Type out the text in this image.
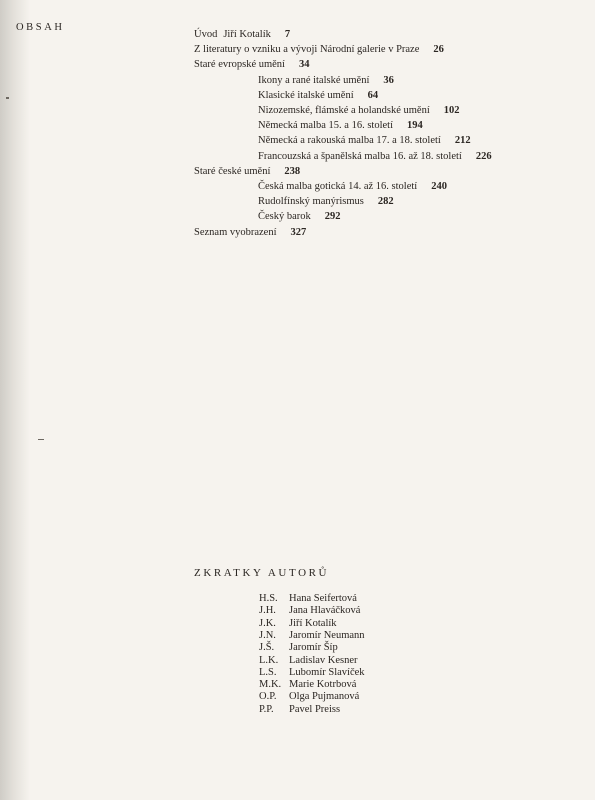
OBSAH
Úvod Jiří Kotalík 7
Z literatury o vzniku a vývoji Národní galerie v Praze 26
Staré evropské umění 34
Ikony a rané italské umění 36
Klasické italské umění 64
Nizozemské, flámské a holandské umění 102
Německá malba 15. a 16. století 194
Německá a rakouská malba 17. a 18. století 212
Francouzská a španělská malba 16. až 18. století 226
Staré české umění 238
Česká malba gotická 14. až 16. století 240
Rudolfínský manýrismus 282
Český barok 292
Seznam vyobrazení 327
ZKRATKY AUTORŮ
H.S. Hana Seifertová
J.H. Jana Hlaváčková
J.K. Jiří Kotalík
J.N. Jaromír Neumann
J.Š. Jaromír Šíp
L.K. Ladislav Kesner
L.S. Lubomír Slavíček
M.K. Marie Kotrbová
O.P. Olga Pujmanová
P.P. Pavel Preiss
